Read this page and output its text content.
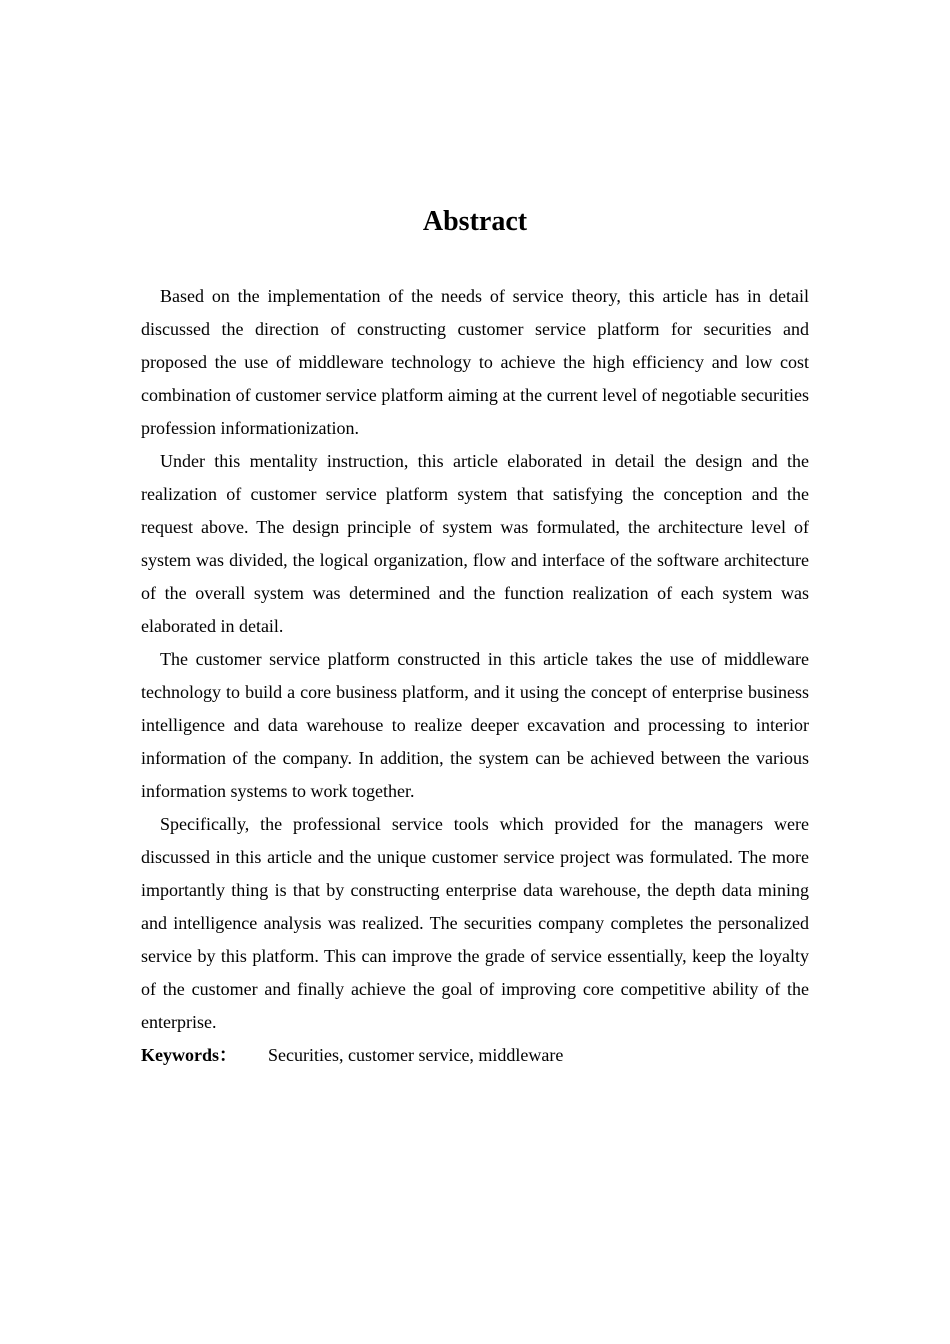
Abstract

Based on the implementation of the needs of service theory, this article has in detail discussed the direction of constructing customer service platform for securities and proposed the use of middleware technology to achieve the high efficiency and low cost combination of customer service platform aiming at the current level of negotiable securities profession informationization.

Under this mentality instruction, this article elaborated in detail the design and the realization of customer service platform system that satisfying the conception and the request above. The design principle of system was formulated, the architecture level of system was divided, the logical organization, flow and interface of the software architecture of the overall system was determined and the function realization of each system was elaborated in detail.

The customer service platform constructed in this article takes the use of middleware technology to build a core business platform, and it using the concept of enterprise business intelligence and data warehouse to realize deeper excavation and processing to interior information of the company. In addition, the system can be achieved between the various information systems to work together.

Specifically, the professional service tools which provided for the managers were discussed in this article and the unique customer service project was formulated. The more importantly thing is that by constructing enterprise data warehouse, the depth data mining and intelligence analysis was realized. The securities company completes the personalized service by this platform. This can improve the grade of service essentially, keep the loyalty of the customer and finally achieve the goal of improving core competitive ability of the enterprise.

Keywords： Securities, customer service, middleware
